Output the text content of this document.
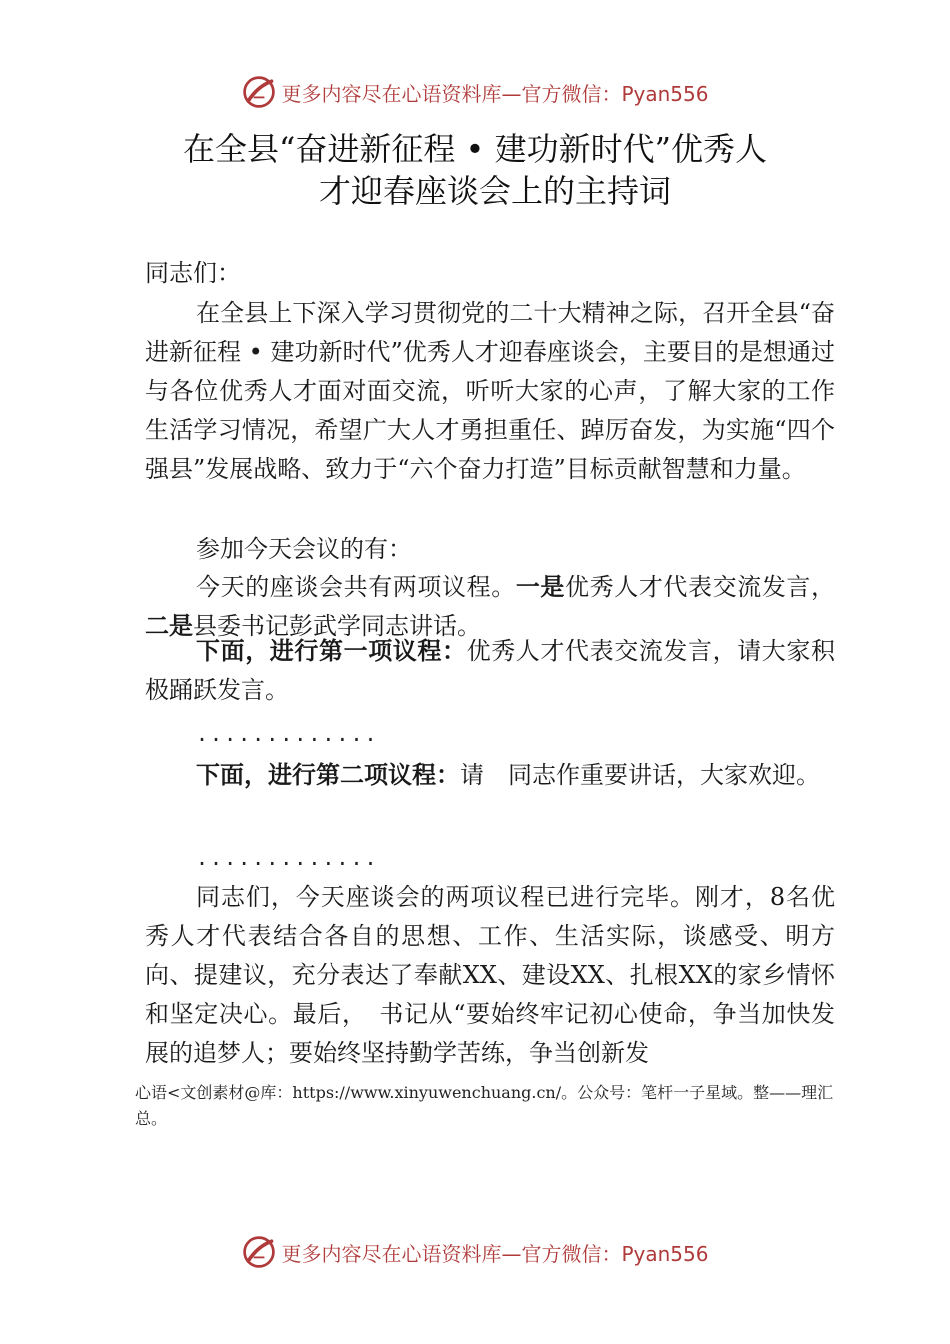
更多内容尽在心语资料库—官方微信：Pyan556
在全县“奋进新征程 • 建功新时代”优秀人
才迎春座谈会上的主持词
同志们：
在全县上下深入学习贯彻党的二十大精神之际，召开全县“奋进新征程 • 建功新时代”优秀人才迎春座谈会，主要目的是想通过与各位优秀人才面对面交流，听听大家的心声，了解大家的工作生活学习情况，希望广大人才勇担重任、踔厉奋发，为实施“四个强县”发展战略、致力于“六个奋力打造”目标贡献智慧和力量。
参加今天会议的有：
今天的座谈会共有两项议程。一是优秀人才代表交流发言，二是县委书记彭武学同志讲话。
下面，进行第一项议程：优秀人才代表交流发言，请大家积极踊跃发言。
.............
下面，进行第二项议程：请　同志作重要讲话，大家欢迎。
.............
同志们，今天座谈会的两项议程已进行完毕。刚才，8名优秀人才代表结合各自的思想、工作、生活实际，谈感受、明方向、提建议，充分表达了奉献XX、建设XX、扎根XX的家乡情怀和坚定决心。最后，　书记从“要始终牢记初心使命，争当加快发展的追梦人；要始终坚持勤学苦练，争当创新发
心语<文创素材@库：https://www.xinyuwenchuang.cn/。公众号：笔杆一子星域。整——理汇总。
更多内容尽在心语资料库—官方微信：Pyan556
